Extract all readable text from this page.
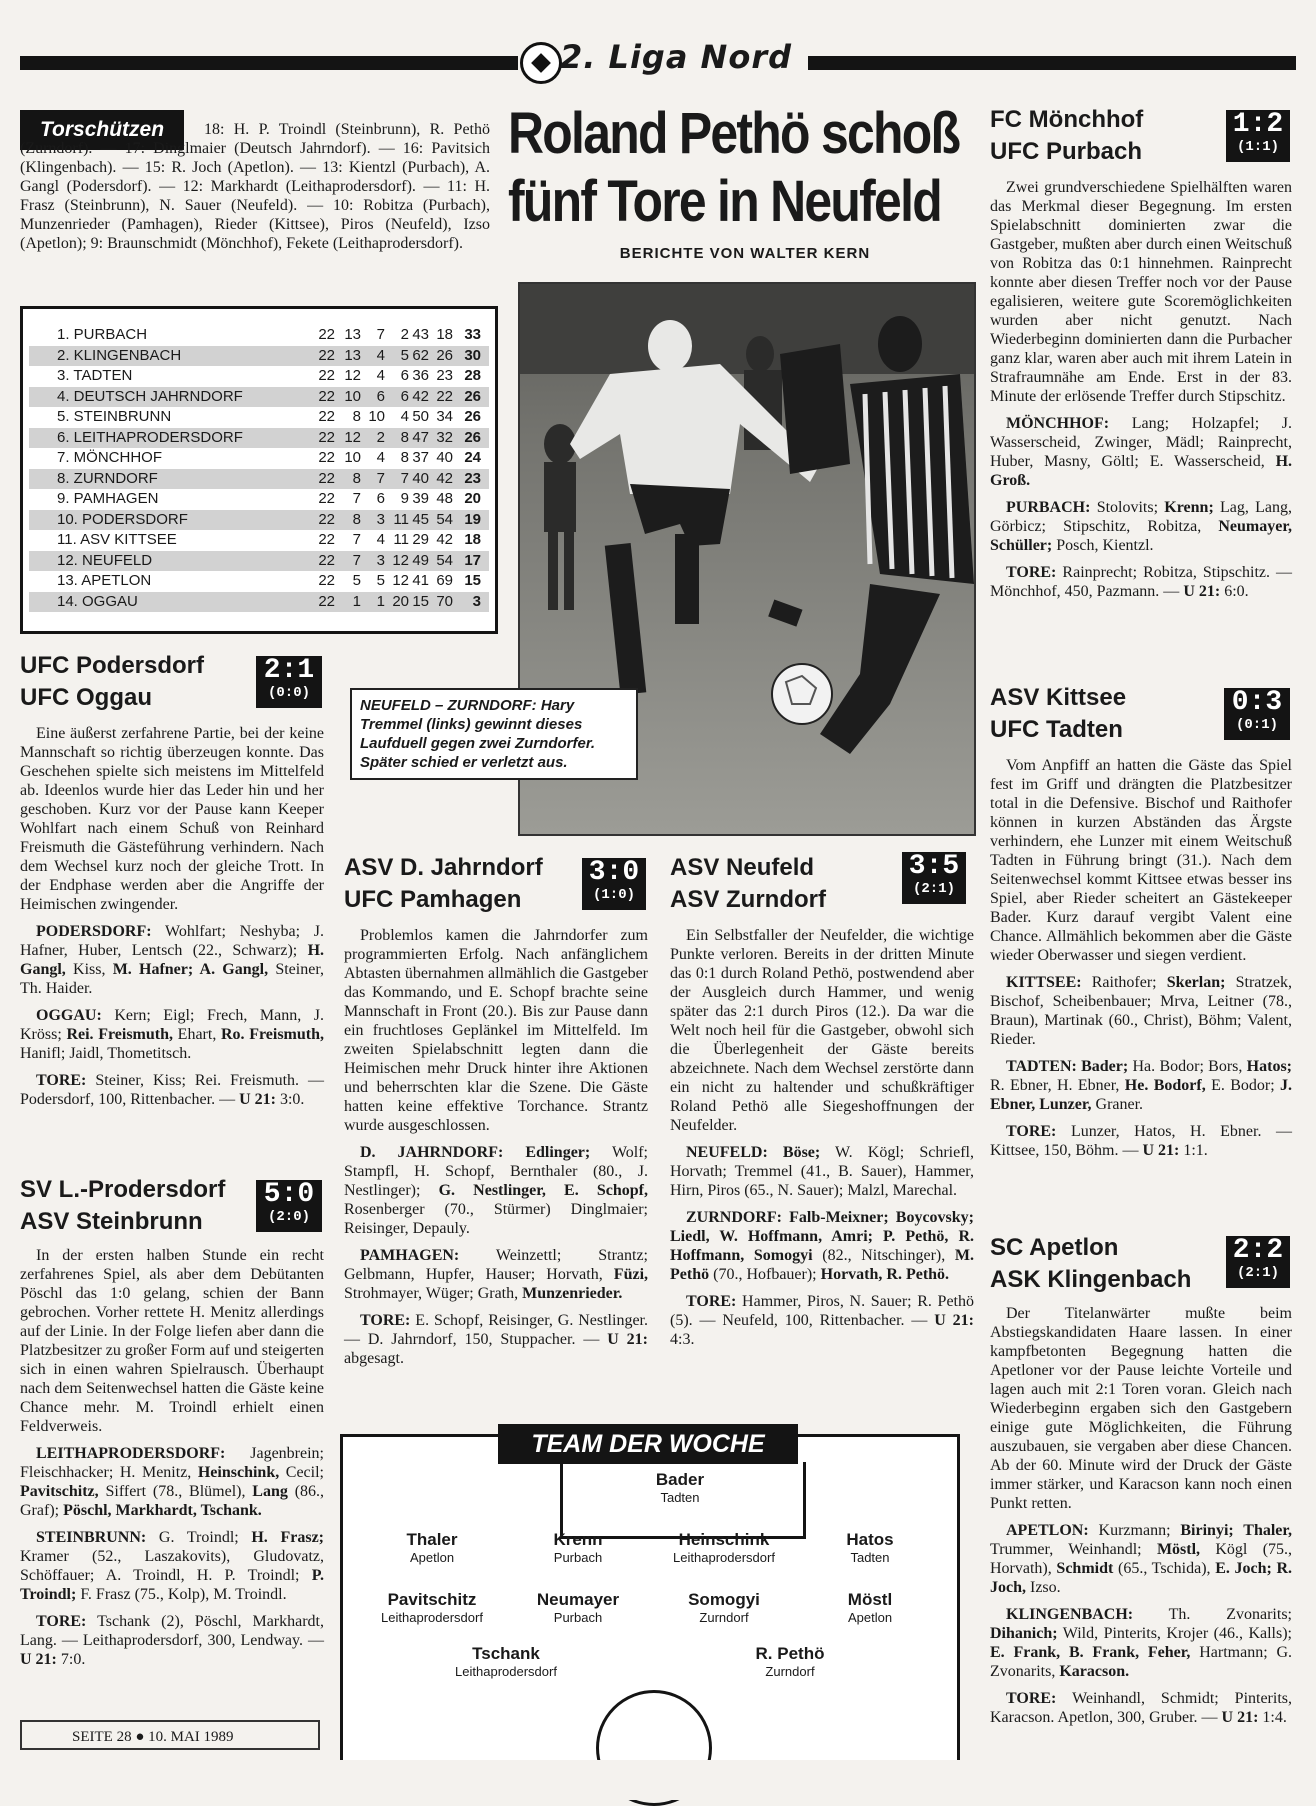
2. Liga Nord
Torschützen	18: H. P. Troindl (Steinbrunn), R. Pethö (Zurndorf). — 17: Dinglmaier (Deutsch Jahrndorf). — 16: Pavitsich (Klingenbach). — 15: R. Joch (Apetlon). — 13: Kientzl (Purbach), A. Gangl (Podersdorf). — 12: Markhardt (Leithaprodersdorf). — 11: H. Frasz (Steinbrunn), N. Sauer (Neufeld). — 10: Robitza (Purbach), Munzenrieder (Pamhagen), Rieder (Kittsee), Piros (Neufeld), Izso (Apetlon); 9: Braunschmidt (Mönchhof), Fekete (Leithaprodersdorf).
1. PURBACH	22 13 7 2 43 18 33
2. KLINGENBACH	22 13 4 5 62 26 30
3. TADTEN	22 12 4 6 36 23 28
4. DEUTSCH JAHRNDORF	22 10 6 6 42 22 26
5. STEINBRUNN	22 8 10 4 50 34 26
6. LEITHAPRODERSDORF	22 12 2 8 47 32 26
7. MÖNCHHOF	22 10 4 8 37 40 24
8. ZURNDORF	22 8 7 7 40 42 23
9. PAMHAGEN	22 7 6 9 39 48 20
10. PODERSDORF	22 8 3 11 45 54 19
11. ASV KITTSEE	22 7 4 11 29 42 18
12. NEUFELD	22 7 3 12 49 54 17
13. APETLON	22 5 5 12 41 69 15
14. OGGAU	22 1 1 20 15 70 3
Roland Pethö schoß
fünf Tore in Neufeld
BERICHTE VON WALTER KERN
NEUFELD – ZURNDORF: Hary Tremmel (links) gewinnt dieses Laufduell gegen zwei Zurndorfer. Später schied er verletzt aus.
UFC Podersdorf
UFC Oggau
2:1
(0:0)
Eine äußerst zerfahrene Partie, bei der keine Mannschaft so richtig überzeugen konnte. Das Geschehen spielte sich meistens im Mittelfeld ab. Ideenlos wurde hier das Leder hin und her geschoben. Kurz vor der Pause kann Keeper Wohlfart nach einem Schuß von Reinhard Freismuth die Gästeführung verhindern. Nach dem Wechsel kurz noch der gleiche Trott. In der Endphase werden aber die Angriffe der Heimischen zwingender.

PODERSDORF: Wohlfart; Neshyba; J. Hafner, Huber, Lentsch (22., Schwarz); H. Gangl, Kiss, M. Hafner; A. Gangl, Steiner, Th. Haider.

OGGAU: Kern; Eigl; Frech, Mann, J. Kröss; Rei. Freismuth, Ehart, Ro. Freismuth, Hanifl; Jaidl, Thometitsch.

TORE: Steiner, Kiss; Rei. Freismuth. — Podersdorf, 100, Rittenbacher. — U 21: 3:0.

SV L.-Prodersdorf
ASV Steinbrunn
5:0
(2:0)
In der ersten halben Stunde ein recht zerfahrenes Spiel, als aber dem Debütanten Pöschl das 1:0 gelang, schien der Bann gebrochen. Vorher rettete H. Menitz allerdings auf der Linie. In der Folge liefen aber dann die Platzbesitzer zu großer Form auf und steigerten sich in einen wahren Spielrausch. Überhaupt nach dem Seitenwechsel hatten die Gäste keine Chance mehr. M. Troindl erhielt einen Feldverweis.

LEITHAPRODERSDORF: Jagenbrein; Fleischhacker; H. Menitz, Heinschink, Cecil; Pavitschitz, Siffert (78., Blümel), Lang (86., Graf); Pöschl, Markhardt, Tschank.

STEINBRUNN: G. Troindl; H. Frasz; Kramer (52., Laszakovits), Gludovatz, Schöffauer; A. Troindl, H. P. Troindl; P. Troindl; F. Frasz (75., Kolp), M. Troindl.

TORE: Tschank (2), Pöschl, Markhardt, Lang. — Leithaprodersdorf, 300, Lendway. — U 21: 7:0.

ASV D. Jahrndorf
UFC Pamhagen
3:0
(1:0)
Problemlos kamen die Jahrndorfer zum programmierten Erfolg. Nach anfänglichem Abtasten übernahmen allmählich die Gastgeber das Kommando, und E. Schopf brachte seine Mannschaft in Front (20.). Bis zur Pause dann ein fruchtloses Geplänkel im Mittelfeld. Im zweiten Spielabschnitt legten dann die Heimischen mehr Druck hinter ihre Aktionen und beherrschten klar die Szene. Die Gäste hatten keine effektive Torchance. Strantz wurde ausgeschlossen.

D. JAHRNDORF: Edlinger; Wolf; Stampfl, H. Schopf, Bernthaler (80., J. Nestlinger); G. Nestlinger, E. Schopf, Rosenberger (70., Stürmer) Dinglmaier; Reisinger, Depauly.

PAMHAGEN: Weinzettl; Strantz; Gelbmann, Hupfer, Hauser; Horvath, Füzi, Strohmayer, Wüger; Grath, Munzenrieder.

TORE: E. Schopf, Reisinger, G. Nestlinger. — D. Jahrndorf, 150, Stuppacher. — U 21: abgesagt.

ASV Neufeld
ASV Zurndorf
3:5
(2:1)
Ein Selbstfaller der Neufelder, die wichtige Punkte verloren. Bereits in der dritten Minute das 0:1 durch Roland Pethö, postwendend aber der Ausgleich durch Hammer, und wenig später das 2:1 durch Piros (12.). Da war die Welt noch heil für die Gastgeber, obwohl sich die Überlegenheit der Gäste bereits abzeichnete. Nach dem Wechsel zerstörte dann ein nicht zu haltender und schußkräftiger Roland Pethö alle Siegeshoffnungen der Neufelder.

NEUFELD: Böse; W. Kögl; Schriefl, Horvath; Tremmel (41., B. Sauer), Hammer, Hirn, Piros (65., N. Sauer); Malzl, Marechal.

ZURNDORF: Falb-Meixner; Boycovsky; Liedl, W. Hoffmann, Amri; P. Pethö, R. Hoffmann, Somogyi (82., Nitschinger), M. Pethö (70., Hofbauer); Horvath, R. Pethö.

TORE: Hammer, Piros, N. Sauer; R. Pethö (5). — Neufeld, 100, Rittenbacher. — U 21: 4:3.

FC Mönchhof
UFC Purbach
1:2
(1:1)
Zwei grundverschiedene Spielhälften waren das Merkmal dieser Begegnung. Im ersten Spielabschnitt dominierten zwar die Gastgeber, mußten aber durch einen Weitschuß von Robitza das 0:1 hinnehmen. Rainprecht konnte aber diesen Treffer noch vor der Pause egalisieren, weitere gute Scoremöglichkeiten wurden aber nicht genutzt. Nach Wiederbeginn dominierten dann die Purbacher ganz klar, waren aber auch mit ihrem Latein in Strafraumnähe am Ende. Erst in der 83. Minute der erlösende Treffer durch Stipschitz.

MÖNCHHOF: Lang; Holzapfel; J. Wasserscheid, Zwinger, Mädl; Rainprecht, Huber, Masny, Göltl; E. Wasserscheid, H. Groß.

PURBACH: Stolovits; Krenn; Lag, Lang, Görbicz; Stipschitz, Robitza, Neumayer, Schüller; Posch, Kientzl.

TORE: Rainprecht; Robitza, Stipschitz. — Mönchhof, 450, Pazmann. — U 21: 6:0.

ASV Kittsee
UFC Tadten
0:3
(0:1)
Vom Anpfiff an hatten die Gäste das Spiel fest im Griff und drängten die Platzbesitzer total in die Defensive. Bischof und Raithofer können in kurzen Abständen das Ärgste verhindern, ehe Lunzer mit einem Weitschuß Tadten in Führung bringt (31.). Nach dem Seitenwechsel kommt Kittsee etwas besser ins Spiel, aber Rieder scheitert an Gästekeeper Bader. Kurz darauf vergibt Valent eine Chance. Allmählich bekommen aber die Gäste wieder Oberwasser und siegen verdient.

KITTSEE: Raithofer; Skerlan; Stratzek, Bischof, Scheibenbauer; Mrva, Leitner (78., Braun), Martinak (60., Christ), Böhm; Valent, Rieder.

TADTEN: Bader; Ha. Bodor; Bors, Hatos; R. Ebner, H. Ebner, He. Bodorf, E. Bodor; J. Ebner, Lunzer, Graner.

TORE: Lunzer, Hatos, H. Ebner. — Kittsee, 150, Böhm. — U 21: 1:1.

SC Apetlon
ASK Klingenbach
2:2
(2:1)
Der Titelanwärter mußte beim Abstiegskandidaten Haare lassen. In einer kampfbetonten Begegnung hatten die Apetloner vor der Pause leichte Vorteile und lagen auch mit 2:1 Toren voran. Gleich nach Wiederbeginn ergaben sich den Gastgebern einige gute Möglichkeiten, die Führung auszubauen, sie vergaben aber diese Chancen. Ab der 60. Minute wird der Druck der Gäste immer stärker, und Karacson kann noch einen Punkt retten.

APETLON: Kurzmann; Birinyi; Thaler, Trummer, Weinhandl; Möstl, Kögl (75., Horvath), Schmidt (65., Tschida), E. Joch; R. Joch, Izso.

KLINGENBACH: Th. Zvonarits; Dihanich; Wild, Pinterits, Krojer (46., Kalls); E. Frank, B. Frank, Feher, Hartmann; G. Zvonarits, Karacson.

TORE: Weinhandl, Schmidt; Pinterits, Karacson. Apetlon, 300, Gruber. — U 21: 1:4.

TEAM DER WOCHE
Bader
Tadten
Thaler
Apetlon
Krenn
Purbach
Heinschink
Leithaprodersdorf
Hatos
Tadten
Pavitschitz
Leithaprodersdorf
Neumayer
Purbach
Somogyi
Zurndorf
Möstl
Apetlon
Tschank
Leithaprodersdorf
R. Pethö
Zurndorf
SEITE 28 ● 10. MAI 1989
